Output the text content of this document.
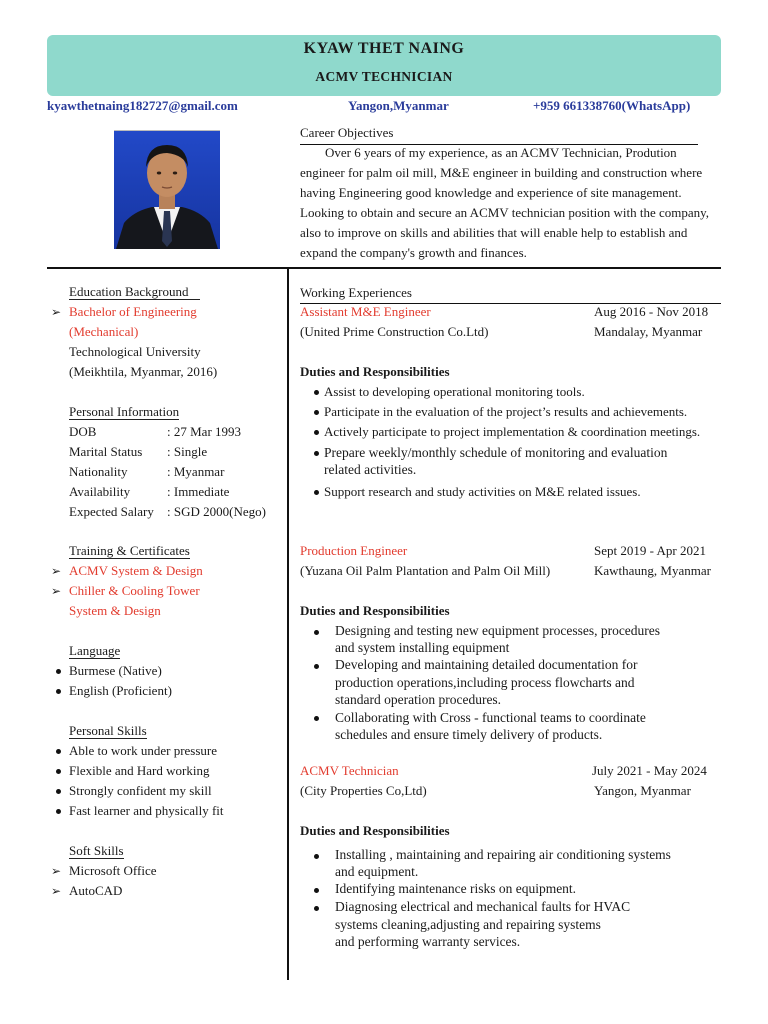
KYAW THET NAING
ACMV TECHNICIAN
kyawthetnaing182727@gmail.com	Yangon,Myanmar	+959 661338760(WhatsApp)
Career Objectives
Over 6 years of my experience, as an ACMV Technician, Prodution
engineer for palm oil mill, M&E engineer in building and construction where
having Engineering good knowledge and experience of site management.
Looking to obtain and secure an ACMV technician position with the company,
also to improve on skills and abilities that will enable help to establish and
expand the company's growth and finances.
Education Background
➢ Bachelor of Engineering
(Mechanical)
Technological University
(Meikhtila, Myanmar, 2016)
Personal Information
DOB	: 27 Mar 1993
Marital Status : Single
Nationality	: Myanmar
Availability	: Immediate
Expected Salary : SGD 2000(Nego)
Training & Certificates
➢ ACMV System & Design
➢ Chiller & Cooling Tower
System & Design
Language
Burmese (Native)
English (Proficient)
Personal Skills
Able to work under pressure
Flexible and Hard working
Strongly confident my skill
Fast learner and physically fit
Soft Skills
➢ Microsoft Office
➢ AutoCAD
Working Experiences
Assistant M&E Engineer	Aug 2016 - Nov 2018
(United Prime Construction Co.Ltd)	Mandalay, Myanmar
Duties and Responsibilities
Assist to developing operational monitoring tools.
Participate in the evaluation of the project’s results and achievements.
Actively participate to project implementation & coordination meetings.
Prepare weekly/monthly schedule of monitoring and evaluation
related activities.
Support research and study activities on M&E related issues.
Production Engineer	Sept 2019 - Apr 2021
(Yuzana Oil Palm Plantation and Palm Oil Mill)	Kawthaung, Myanmar
Duties and Responsibilities
Designing and testing new equipment processes, procedures
and system installing equipment
Developing and maintaining detailed documentation for
production operations,including process flowcharts and
standard operation procedures.
Collaborating with Cross - functional teams to coordinate
schedules and ensure timely delivery of products.
ACMV Technician	July 2021 - May 2024
(City Properties Co,Ltd)	Yangon, Myanmar
Duties and Responsibilities
Installing , maintaining and repairing air conditioning systems
and equipment.
Identifying maintenance risks on equipment.
Diagnosing electrical and mechanical faults for HVAC
systems cleaning,adjusting and repairing systems
and performing warranty services.
